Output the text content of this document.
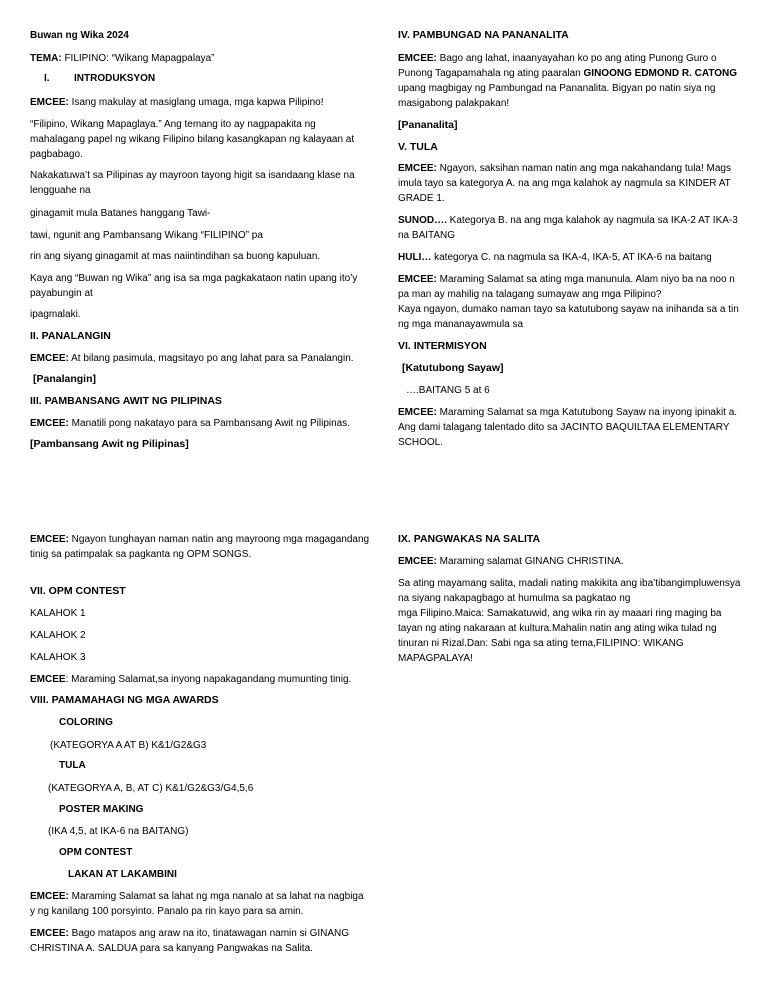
Buwan ng Wika 2024
TEMA: FILIPINO: “Wikang Mapagpalaya”
I. INTRODUKSYON
EMCEE: Isang makulay at masiglang umaga, mga kapwa Pilipino!
“Filipino, Wikang Mapaglaya.” Ang temang ito ay nagpapakita ng mahalagang papel ng wikang Filipino bilang kasangkapan ng kalayaan at pagbabago.
Nakakatuwa’t sa Pilipinas ay mayroon tayong higit sa isandaang klase na lengguahe na
ginagamit mula Batanes hanggang Tawi-
tawi, ngunit ang Pambansang Wikang “FILIPINO” pa
rin ang siyang ginagamit at mas naiintindihan sa buong kapuluan.
Kaya ang “Buwan ng Wika” ang isa sa mga pagkakataon natin upang ito’y payabungin at
ipagmalaki.
II. PANALANGIN
EMCEE: At bilang pasimula, magsitayo po ang lahat para sa Panalangin.
[Panalangin]
III. PAMBANSANG AWIT NG PILIPINAS
EMCEE: Manatili pong nakatayo para sa Pambansang Awit ng Pilipinas.
[Pambansang Awit ng Pilipinas]
IV. PAMBUNGAD NA PANANALITA
EMCEE: Bago ang lahat, inaanyayahan ko po ang ating Punong Guro o Punong Tagapamahala ng ating paaralan GINOONG EDMOND R. CATONG upang magbigay ng Pambungad na Pananalita. Bigyan po natin siya ng masigabong palakpakan!
[Pananalita]
V. TULA
EMCEE: Ngayon, saksihan naman natin ang mga nakahandang tula! Mags imula tayo sa kategorya A. na ang mga kalahok ay nagmula sa KINDER AT GRADE 1.
SUNOD…. Kategorya B. na ang mga kalahok ay nagmula sa IKA-2 AT IKA-3 na BAITANG
HULI… kategorya C. na nagmula sa IKA-4, IKA-5, AT IKA-6 na baitang
EMCEE: Maraming Salamat sa ating mga manunula. Alam niyo ba na noo n pa man ay mahilig na talagang sumayaw ang mga Pilipino?
Kaya ngayon, dumako naman tayo sa katutubong sayaw na inihanda sa a tin ng mga mananayawmula sa
VI. INTERMISYON
[Katutubong Sayaw]
….BAITANG 5 at 6
EMCEE: Maraming Salamat sa mga Katutubong Sayaw na inyong ipinakit a. Ang dami talagang talentado dito sa JACINTO BAQUILTAA ELEMENTARY SCHOOL.
EMCEE: Ngayon tunghayan naman natin ang mayroong mga magagandang tinig sa patimpalak sa pagkanta ng OPM SONGS.
VII. OPM CONTEST
KALAHOK 1
KALAHOK 2
KALAHOK 3
EMCEE: Maraming Salamat,sa inyong napakagandang mumunting tinig.
VIII. PAMAMAHAGI NG MGA AWARDS
COLORING
(KATEGORYA A AT B) K&1/G2&G3
TULA
(KATEGORYA A, B, AT C) K&1/G2&G3/G4,5,6
POSTER MAKING
(IKA 4,5, at IKA-6 na BAITANG)
OPM CONTEST
LAKAN AT LAKAMBINI
EMCEE: Maraming Salamat sa lahat ng mga nanalo at sa lahat na nagbiga y ng kanilang 100 porsyinto. Panalo pa rin kayo para sa amin.
EMCEE: Bago matapos ang araw na ito, tinatawagan namin si GINANG CHRISTINA A. SALDUA para sa kanyang Pangwakas na Salita.
IX. PANGWAKAS NA SALITA
EMCEE: Maraming salamat GINANG CHRISTINA.
Sa ating mayamang salita, madali nating makikita ang iba’tibangimpluwensya na siyang nakapagbago at humulma sa pagkatao ng
mga Filipino.Maica: Samakatuwid, ang wika rin ay maaari ring maging ba tayan ng ating nakaraan at kultura.Mahalin natin ang ating wika tulad ng tinuran ni Rizal.Dan: Sabi nga sa ating tema,FILIPINO: WIKANG MAPAGPALAYA!
